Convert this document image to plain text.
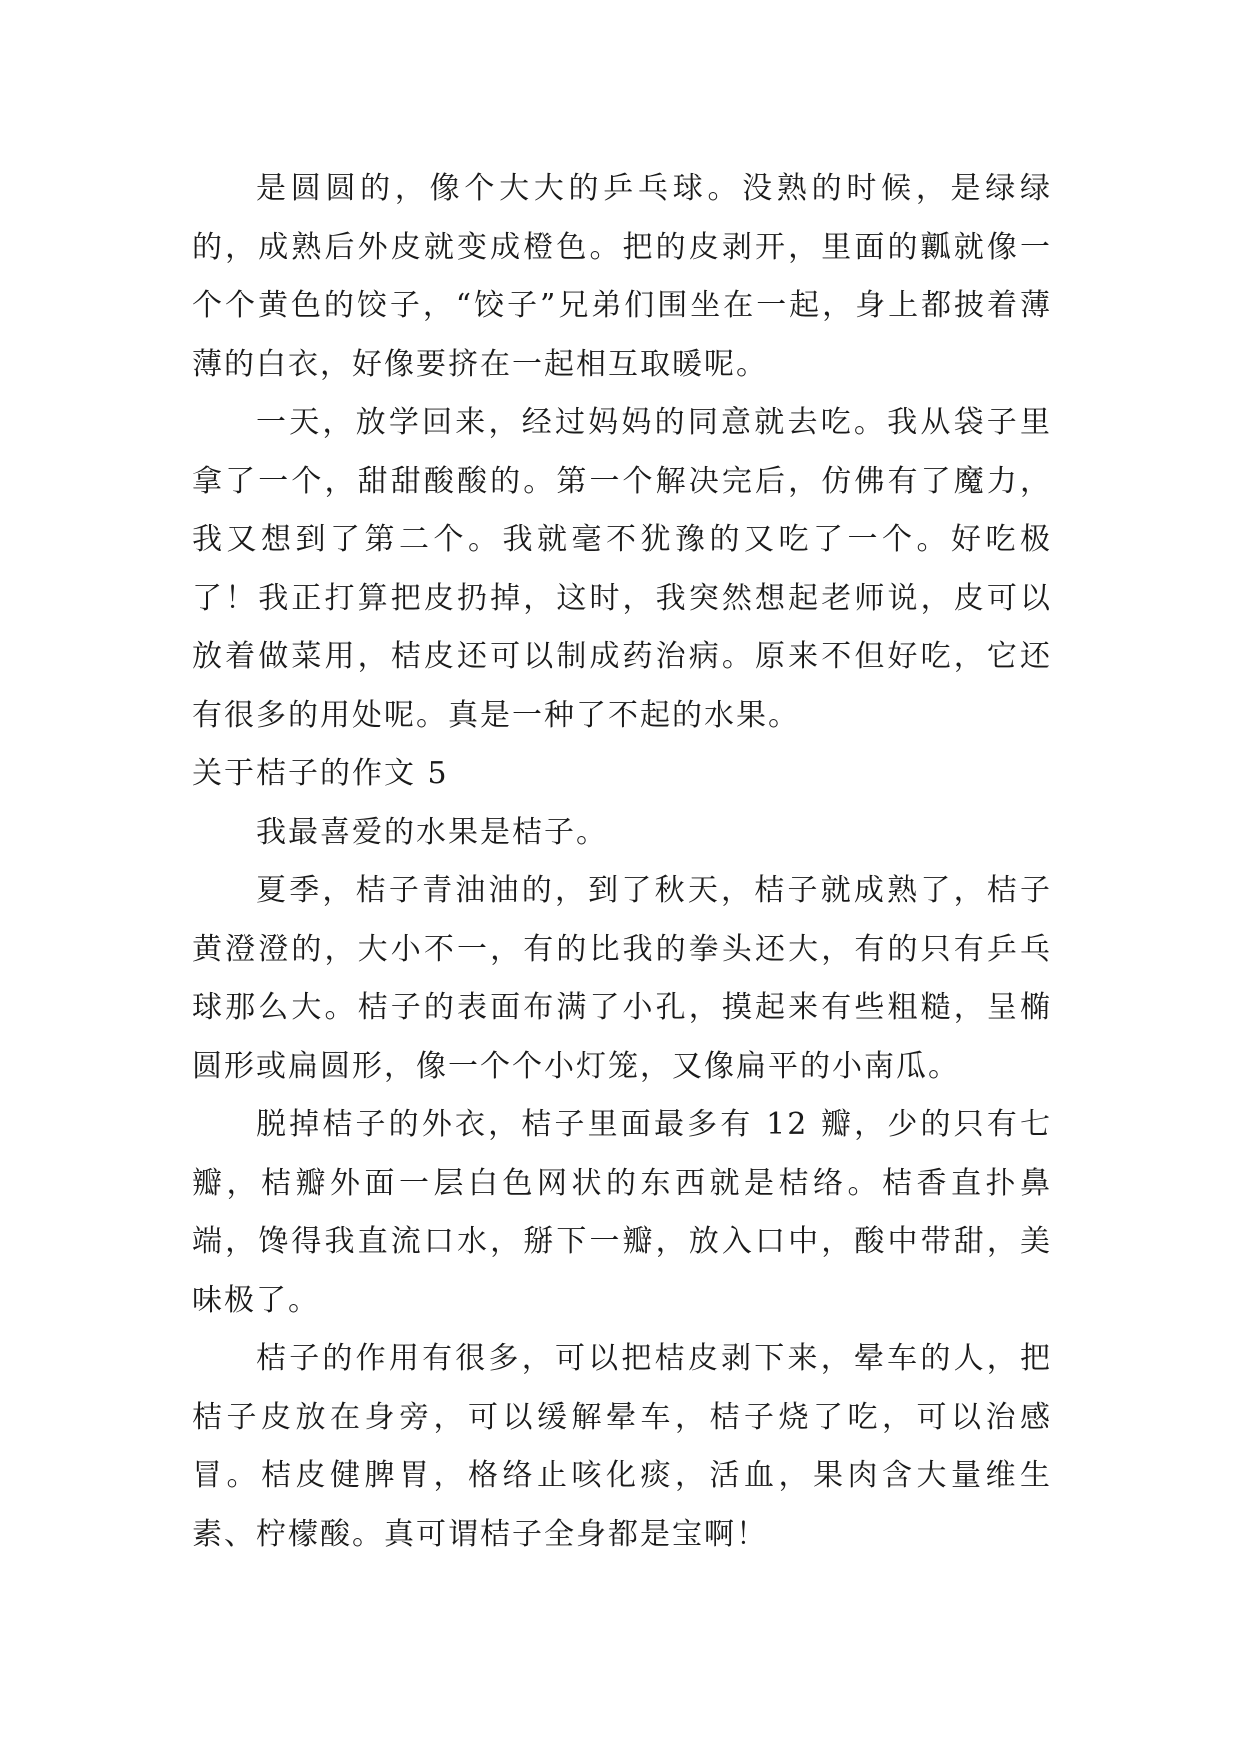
是圆圆的，像个大大的乒乓球。没熟的时候，是绿绿的，成熟后外皮就变成橙色。把的皮剥开，里面的瓤就像一个个黄色的饺子，“饺子”兄弟们围坐在一起，身上都披着薄薄的白衣，好像要挤在一起相互取暖呢。

一天，放学回来，经过妈妈的同意就去吃。我从袋子里拿了一个，甜甜酸酸的。第一个解决完后，仿佛有了魔力，我又想到了第二个。我就毫不犹豫的又吃了一个。好吃极了！我正打算把皮扔掉，这时，我突然想起老师说，皮可以放着做菜用，桔皮还可以制成药治病。原来不但好吃，它还有很多的用处呢。真是一种了不起的水果。

关于桔子的作文 5

我最喜爱的水果是桔子。

夏季，桔子青油油的，到了秋天，桔子就成熟了，桔子黄澄澄的，大小不一，有的比我的拳头还大，有的只有乒乓球那么大。桔子的表面布满了小孔，摸起来有些粗糙，呈椭圆形或扁圆形，像一个个小灯笼，又像扁平的小南瓜。

脱掉桔子的外衣，桔子里面最多有 12 瓣，少的只有七瓣，桔瓣外面一层白色网状的东西就是桔络。桔香直扑鼻端，馋得我直流口水，掰下一瓣，放入口中，酸中带甜，美味极了。

桔子的作用有很多，可以把桔皮剥下来，晕车的人，把桔子皮放在身旁，可以缓解晕车，桔子烧了吃，可以治感冒。桔皮健脾胃，格络止咳化痰，活血，果肉含大量维生素、柠檬酸。真可谓桔子全身都是宝啊！
